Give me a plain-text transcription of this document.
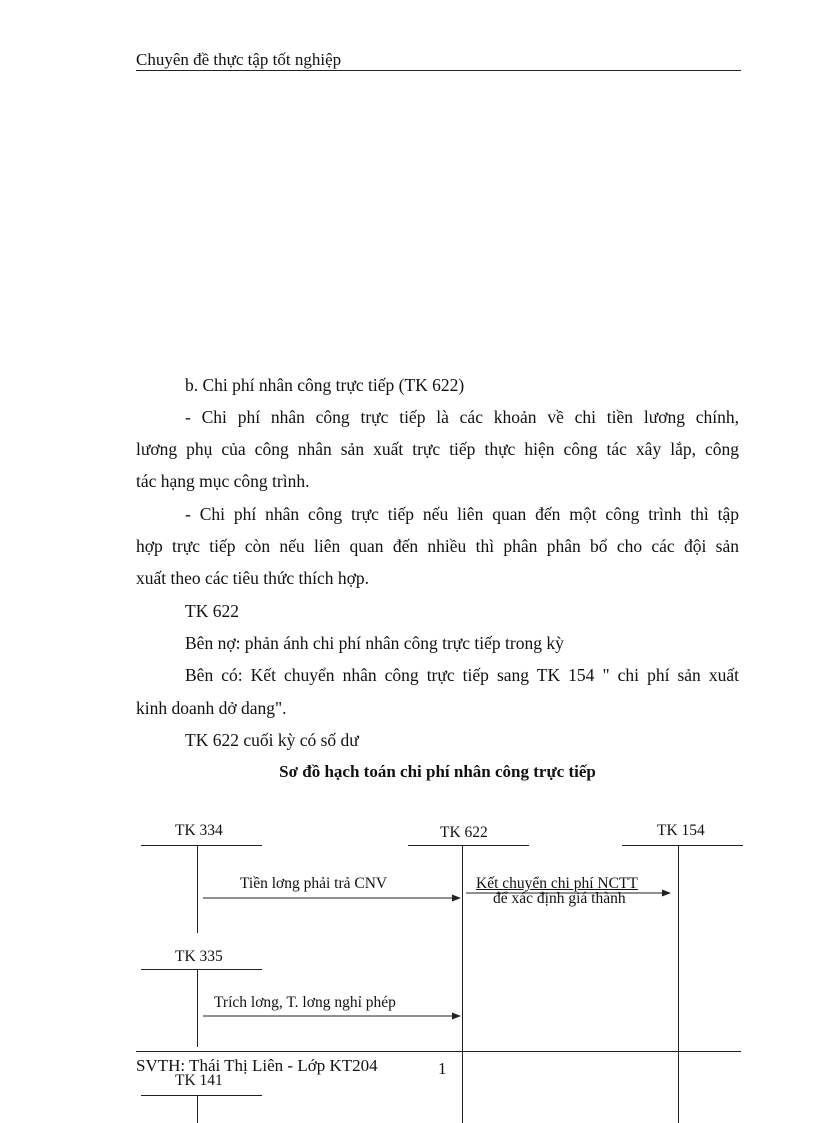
Chuyên đề thực tập tốt nghiệp
b. Chi phí nhân công trực tiếp (TK 622)
- Chi phí nhân công trực tiếp là các khoản về chi tiền lương chính,
lương phụ của công nhân sản xuất trực tiếp thực hiện công tác xây lắp, công
tác hạng mục công trình.
- Chi phí nhân công trực tiếp nếu liên quan đến một công trình thì tập
hợp trực tiếp còn nếu liên quan đến nhiều thì phân phân bổ cho các đội sản
xuất theo các tiêu thức thích hợp.
TK 622
Bên nợ: phản ánh chi phí nhân công trực tiếp trong kỳ
Bên có: Kết chuyển nhân công trực tiếp sang TK 154 " chi phí sản xuất
kinh doanh dở dang".
TK 622 cuối kỳ có số dư
Sơ đồ hạch toán chi phí nhân công trực tiếp
TK 334	TK 622	TK 154
TK 335
TK 141
Tiền lơng phải trả CNV	Kết chuyển chi phí NCTT
để xác định giá thành
Trích lơng, T. lơng nghỉ phép
SVTH: Thái Thị Liên - Lớp KT204	1
